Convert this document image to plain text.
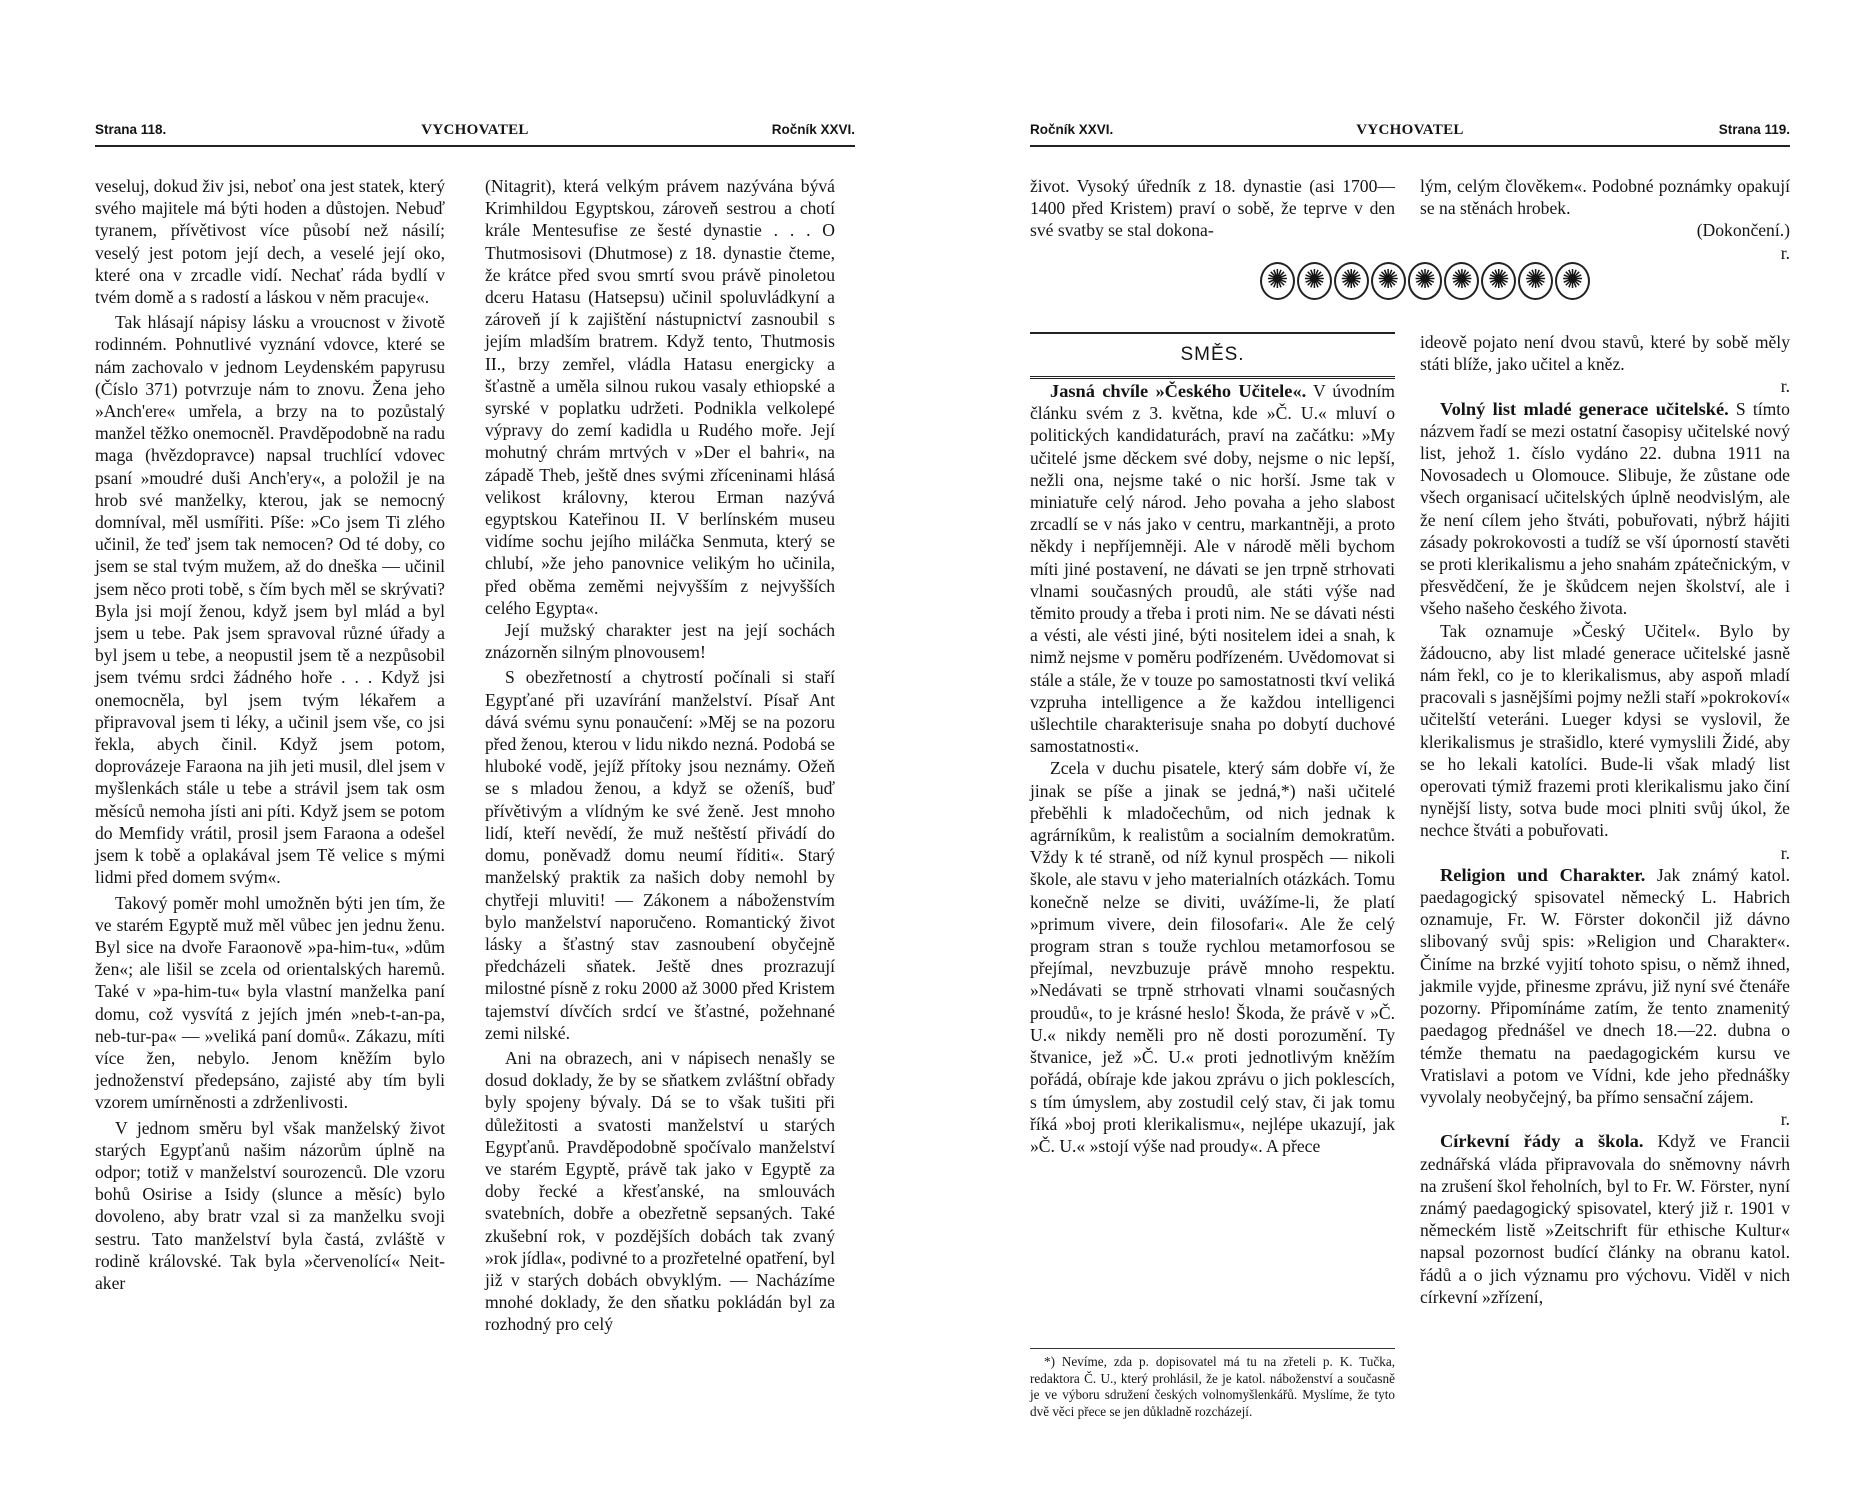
Strana 118.	VYCHOVATEL	Ročník XXVI.

veseluj, dokud živ jsi, neboť ona jest statek, který svého majitele má býti hoden a důstojen. Nebuď tyranem, přívětivost více působí než násilí; veselý jest potom její dech, a veselé její oko, které ona v zrcadle vidí. Nechať ráda bydlí v tvém domě a s radostí a láskou v něm pracuje«.

Tak hlásají nápisy lásku a vroucnost v životě rodinném. Pohnutlivé vyznání vdovce, které se nám zachovalo v jednom Leydenském papyrusu (Číslo 371) potvrzuje nám to znovu. Žena jeho »Anch'ere« umřela, a brzy na to pozůstalý manžel těžko onemocněl. Pravděpodobně na radu maga (hvězdopravce) napsal truchlící vdovec psaní »moudré duši Anch'ery«, a položil je na hrob své manželky, kterou, jak se nemocný domníval, měl usmířiti. Píše: »Co jsem Ti zlého učinil, že teď jsem tak nemocen? Od té doby, co jsem se stal tvým mužem, až do dneška — učinil jsem něco proti tobě, s čím bych měl se skrývati? Byla jsi mojí ženou, když jsem byl mlád a byl jsem u tebe. Pak jsem spravoval různé úřady a byl jsem u tebe, a neopustil jsem tě a nezpůsobil jsem tvému srdci žádného hoře . . . Když jsi onemocněla, byl jsem tvým lékařem a připravoval jsem ti léky, a učinil jsem vše, co jsi řekla, abych činil. Když jsem potom, doprovázeje Faraona na jih jeti musil, dlel jsem v myšlenkách stále u tebe a strávil jsem tak osm měsíců nemoha jísti ani píti. Když jsem se potom do Memfidy vrátil, prosil jsem Faraona a odešel jsem k tobě a oplakával jsem Tě velice s mými lidmi před domem svým«.

Takový poměr mohl umožněn býti jen tím, že ve starém Egyptě muž měl vůbec jen jednu ženu. Byl sice na dvoře Faraonově »pa-him-tu«, »dům žen«; ale lišil se zcela od orientalských haremů. Také v »pa-him-tu« byla vlastní manželka paní domu, což vysvítá z jejích jmén »neb-t-an-pa, neb-tur-pa« — »veliká paní domů«. Zákazu, míti více žen, nebylo. Jenom kněžím bylo jednoženství předepsáno, zajisté aby tím byli vzorem umírněnosti a zdrženlivosti.

V jednom směru byl však manželský život starých Egypťanů našim názorům úplně na odpor; totiž v manželství sourozenců. Dle vzoru bohů Osirise a Isidy (slunce a měsíc) bylo dovoleno, aby bratr vzal si za manželku svoji sestru. Tato manželství byla častá, zvláště v rodině královské. Tak byla »červenolící« Neit-aker

(Nitagrit), která velkým právem nazývána bývá Krimhildou Egyptskou, zároveň sestrou a chotí krále Mentesufise ze šesté dynastie . . . O Thutmosisovi (Dhutmose) z 18. dynastie čteme, že krátce před svou smrtí svou právě pinoletou dceru Hatasu (Hatsepsu) učinil spoluvládkyní a zároveň jí k zajištění nástupnictví zasnoubil s jejím mladším bratrem. Když tento, Thutmosis II., brzy zemřel, vládla Hatasu energicky a šťastně a uměla silnou rukou vasaly ethiopské a syrské v poplatku udržeti. Podnikla velkolepé výpravy do zemí kadidla u Rudého moře. Její mohutný chrám mrtvých v »Der el bahri«, na západě Theb, ještě dnes svými zříceninami hlásá velikost královny, kterou Erman nazývá egyptskou Kateřinou II. V berlínském museu vidíme sochu jejího miláčka Senmuta, který se chlubí, »že jeho panovnice velikým ho učinila, před oběma zeměmi nejvyšším z nejvyšších celého Egypta«.

Její mužský charakter jest na její sochách znázorněn silným plnovousem!

S obezřetností a chytrostí počínali si staří Egypťané při uzavírání manželství. Písař Ant dává svému synu ponaučení: »Měj se na pozoru před ženou, kterou v lidu nikdo nezná. Podobá se hluboké vodě, jejíž přítoky jsou neznámy. Ožeň se s mladou ženou, a když se oženíš, buď přívětivým a vlídným ke své ženě. Jest mnoho lidí, kteří nevědí, že muž neštěstí přivádí do domu, poněvadž domu neumí říditi«. Starý manželský praktik za našich doby nemohl by chytřeji mluviti! — Zákonem a náboženstvím bylo manželství naporučeno. Romantický život lásky a šťastný stav zasnoubení obyčejně předcházeli sňatek. Ještě dnes prozrazují milostné písně z roku 2000 až 3000 před Kristem tajemství dívčích srdcí ve šťastné, požehnané zemi nilské.

Ani na obrazech, ani v nápisech nenašly se dosud doklady, že by se sňatkem zvláštní obřady byly spojeny bývaly. Dá se to však tušiti při důležitosti a svatosti manželství u starých Egypťanů. Pravděpodobně spočívalo manželství ve starém Egyptě, právě tak jako v Egyptě za doby řecké a křesťanské, na smlouvách svatebních, dobře a obezřetně sepsaných. Také zkušební rok, v pozdějších dobách tak zvaný »rok jídla«, podivné to a prozřetelné opatření, byl již v starých dobách obvyklým. — Nacházíme mnohé doklady, že den sňatku pokládán byl za rozhodný pro celý

Ročník XXVI.	VYCHOVATEL	Strana 119.

život. Vysoký úředník z 18. dynastie (asi 1700—1400 před Kristem) praví o sobě, že teprve v den své svatby se stal dokona-

lým, celým člověkem«. Podobné poznámky opakují se na stěnách hrobek.

(Dokončení.)
r.
✺
✺
✺
✺
✺
✺
✺
✺
✺
SMĚS.

Jasná chvíle »Českého Učitele«. V úvodním článku svém z 3. května, kde »Č. U.« mluví o politických kandidaturách, praví na začátku: »My učitelé jsme děckem své doby, nejsme o nic lepší, nežli ona, nejsme také o nic horší. Jsme tak v miniatuře celý národ. Jeho povaha a jeho slabost zrcadlí se v nás jako v centru, markantněji, a proto někdy i nepříjemněji. Ale v národě měli bychom míti jiné postavení, ne dávati se jen trpně strhovati vlnami současných proudů, ale státi výše nad těmito proudy a třeba i proti nim. Ne se dávati nésti a vésti, ale vésti jiné, býti nositelem idei a snah, k nimž nejsme v poměru podřízeném. Uvědomovat si stále a stále, že v touze po samostatnosti tkví veliká vzpruha intelligence a že každou intelligenci ušlechtile charakterisuje snaha po dobytí duchové samostatnosti«.

Zcela v duchu pisatele, který sám dobře ví, že jinak se píše a jinak se jedná,*) naši učitelé přeběhli k mladočechům, od nich jednak k agrárníkům, k realistům a socialním demokratům. Vždy k té straně, od níž kynul prospěch — nikoli škole, ale stavu v jeho materialních otázkách. Tomu konečně nelze se diviti, uvážíme-li, že platí »primum vivere, dein filosofari«. Ale že celý program stran s touže rychlou metamorfosou se přejímal, nevzbuzuje právě mnoho respektu. »Nedávati se trpně strhovati vlnami současných proudů«, to je krásné heslo! Škoda, že právě v »Č. U.« nikdy neměli pro ně dosti porozumění. Ty štvanice, jež »Č. U.« proti jednotlivým kněžím pořádá, obíraje kde jakou zprávu o jich poklescích, s tím úmyslem, aby zostudil celý stav, či jak tomu říká »boj proti klerikalismu«, nejlépe ukazují, jak »Č. U.« »stojí výše nad proudy«. A přece

*) Nevíme, zda p. dopisovatel má tu na zřeteli p. K. Tučka, redaktora Č. U., který prohlásil, že je katol. náboženství a současně je ve výboru sdružení českých volnomyšlenkářů. Myslíme, že tyto dvě věci přece se jen důkladně rozcházejí.

ideově pojato není dvou stavů, které by sobě měly státi blíže, jako učitel a kněz.

r.

Volný list mladé generace učitelské. S tímto názvem řadí se mezi ostatní časopisy učitelské nový list, jehož 1. číslo vydáno 22. dubna 1911 na Novosadech u Olomouce. Slibuje, že zůstane ode všech organisací učitelských úplně neodvislým, ale že není cílem jeho štváti, pobuřovati, nýbrž hájiti zásady pokrokovosti a tudíž se vší úporností stavěti se proti klerikalismu a jeho snahám zpátečnickým, v přesvědčení, že je škůdcem nejen školství, ale i všeho našeho českého života.

Tak oznamuje »Český Učitel«. Bylo by žádoucno, aby list mladé generace učitelské jasně nám řekl, co je to klerikalismus, aby aspoň mladí pracovali s jasnějšími pojmy nežli staří »pokrokoví« učitelští veteráni. Lueger kdysi se vyslovil, že klerikalismus je strašidlo, které vymyslili Židé, aby se ho lekali katolíci. Bude-li však mladý list operovati týmiž frazemi proti klerikalismu jako činí nynější listy, sotva bude moci plniti svůj úkol, že nechce štváti a pobuřovati.

r.

Religion und Charakter. Jak známý katol. paedagogický spisovatel německý L. Habrich oznamuje, Fr. W. Förster dokončil již dávno slibovaný svůj spis: »Religion und Charakter«. Činíme na brzké vyjití tohoto spisu, o němž ihned, jakmile vyjde, přinesme zprávu, již nyní své čtenáře pozorny. Připomínáme zatím, že tento znamenitý paedagog přednášel ve dnech 18.—22. dubna o témže thematu na paedagogickém kursu ve Vratislavi a potom ve Vídni, kde jeho přednášky vyvolaly neobyčejný, ba přímo sensační zájem.

r.

Církevní řády a škola. Když ve Francii zednářská vláda připravovala do sněmovny návrh na zrušení škol řeholních, byl to Fr. W. Förster, nyní známý paedagogický spisovatel, který již r. 1901 v německém listě »Zeitschrift für ethische Kultur« napsal pozornost budící články na obranu katol. řádů a o jich významu pro výchovu. Viděl v nich církevní »zřízení,
